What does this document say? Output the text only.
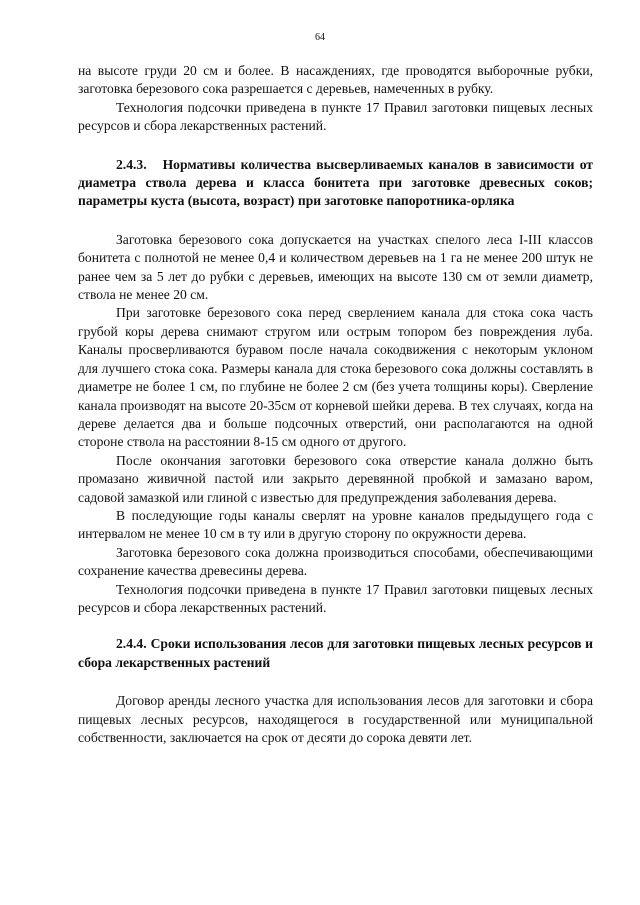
64

на высоте груди 20 см и более. В насаждениях, где проводятся выборочные рубки, заготовка березового сока разрешается с деревьев, намеченных в рубку.

Технология подсочки приведена в пункте 17 Правил заготовки пищевых лесных ресурсов и сбора лекарственных растений.

2.4.3. Нормативы количества высверливаемых каналов в зависимости от диаметра ствола дерева и класса бонитета при заготовке древесных соков; параметры куста (высота, возраст) при заготовке папоротника-орляка

Заготовка березового сока допускается на участках спелого леса I-III классов бонитета с полнотой не менее 0,4 и количеством деревьев на 1 га не менее 200 штук не ранее чем за 5 лет до рубки с деревьев, имеющих на высоте 130 см от земли диаметр, ствола не менее 20 см.

При заготовке березового сока перед сверлением канала для стока сока часть грубой коры дерева снимают стругом или острым топором без повреждения луба. Каналы просверливаются буравом после начала сокодвижения с некоторым уклоном для лучшего стока сока. Размеры канала для стока березового сока должны составлять в диаметре не более 1 см, по глубине не более 2 см (без учета толщины коры). Сверление канала производят на высоте 20-35см от корневой шейки дерева. В тех случаях, когда на дереве делается два и больше подсочных отверстий, они располагаются на одной стороне ствола на расстоянии 8-15 см одного от другого.

После окончания заготовки березового сока отверстие канала должно быть промазано живичной пастой или закрыто деревянной пробкой и замазано варом, садовой замазкой или глиной с известью для предупреждения заболевания дерева.

В последующие годы каналы сверлят на уровне каналов предыдущего года с интервалом не менее 10 см в ту или в другую сторону по окружности дерева.

Заготовка березового сока должна производиться способами, обеспечивающими сохранение качества древесины дерева.

Технология подсочки приведена в пункте 17 Правил заготовки пищевых лесных ресурсов и сбора лекарственных растений.

2.4.4. Сроки использования лесов для заготовки пищевых лесных ресурсов и сбора лекарственных растений

Договор аренды лесного участка для использования лесов для заготовки и сбора пищевых лесных ресурсов, находящегося в государственной или муниципальной собственности, заключается на срок от десяти до сорока девяти лет.
